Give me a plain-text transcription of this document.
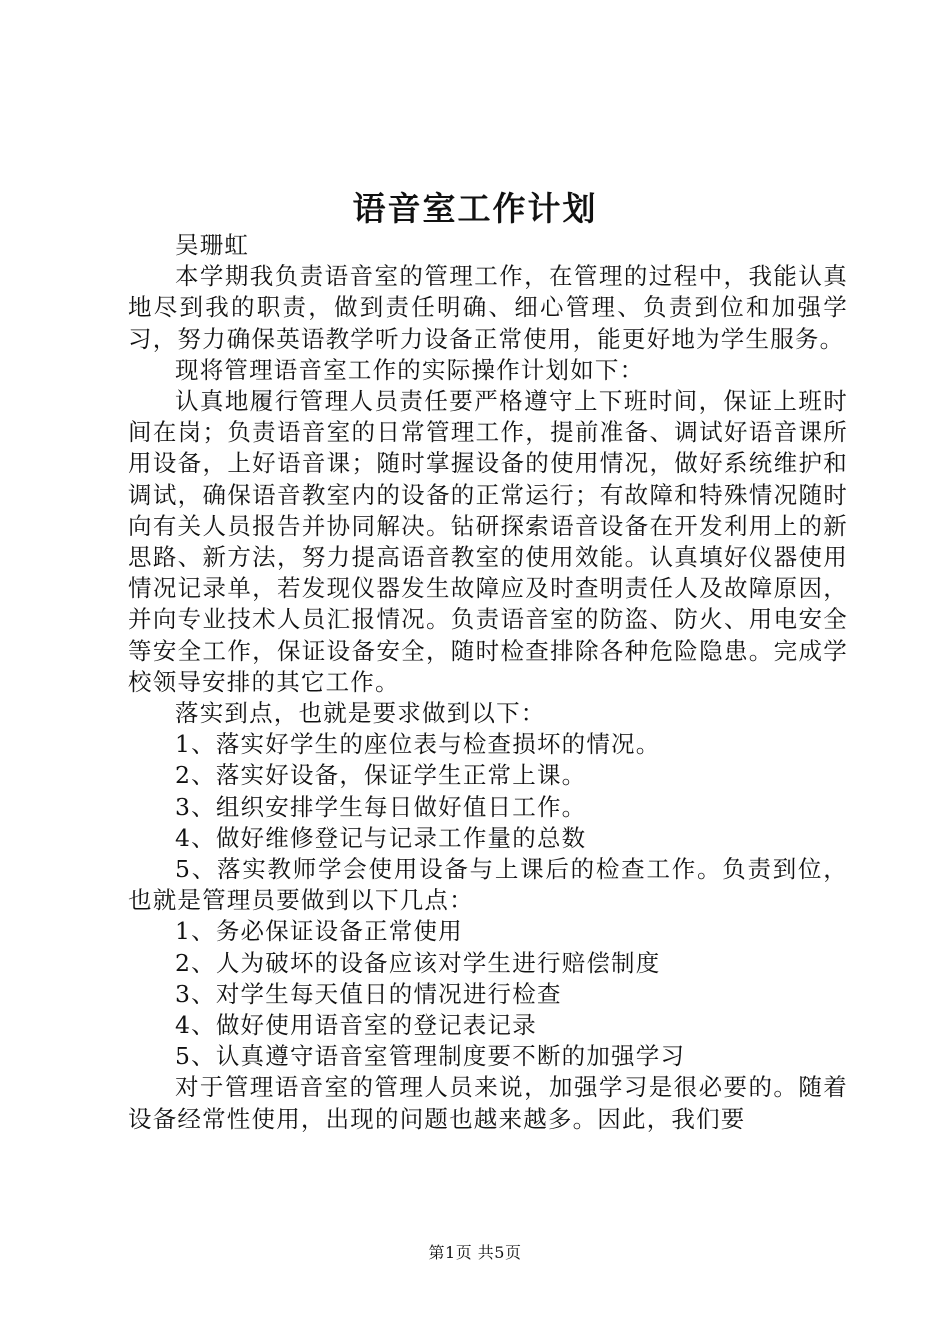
语音室工作计划

吴珊虹

本学期我负责语音室的管理工作，在管理的过程中，我能认真地尽到我的职责，做到责任明确、细心管理、负责到位和加强学习，努力确保英语教学听力设备正常使用，能更好地为学生服务。

现将管理语音室工作的实际操作计划如下：

认真地履行管理人员责任要严格遵守上下班时间，保证上班时间在岗；负责语音室的日常管理工作，提前准备、调试好语音课所用设备，上好语音课；随时掌握设备的使用情况，做好系统维护和调试，确保语音教室内的设备的正常运行；有故障和特殊情况随时向有关人员报告并协同解决。钻研探索语音设备在开发利用上的新思路、新方法，努力提高语音教室的使用效能。认真填好仪器使用情况记录单，若发现仪器发生故障应及时查明责任人及故障原因，并向专业技术人员汇报情况。负责语音室的防盗、防火、用电安全等安全工作，保证设备安全，随时检查排除各种危险隐患。完成学校领导安排的其它工作。

落实到点，也就是要求做到以下：

1、落实好学生的座位表与检查损坏的情况。

2、落实好设备，保证学生正常上课。

3、组织安排学生每日做好值日工作。

4、做好维修登记与记录工作量的总数

5、落实教师学会使用设备与上课后的检查工作。负责到位，也就是管理员要做到以下几点：

1、务必保证设备正常使用

2、人为破坏的设备应该对学生进行赔偿制度

3、对学生每天值日的情况进行检查

4、做好使用语音室的登记表记录

5、认真遵守语音室管理制度要不断的加强学习

对于管理语音室的管理人员来说，加强学习是很必要的。随着设备经常性使用，出现的问题也越来越多。因此，我们要

第1页 共5页
